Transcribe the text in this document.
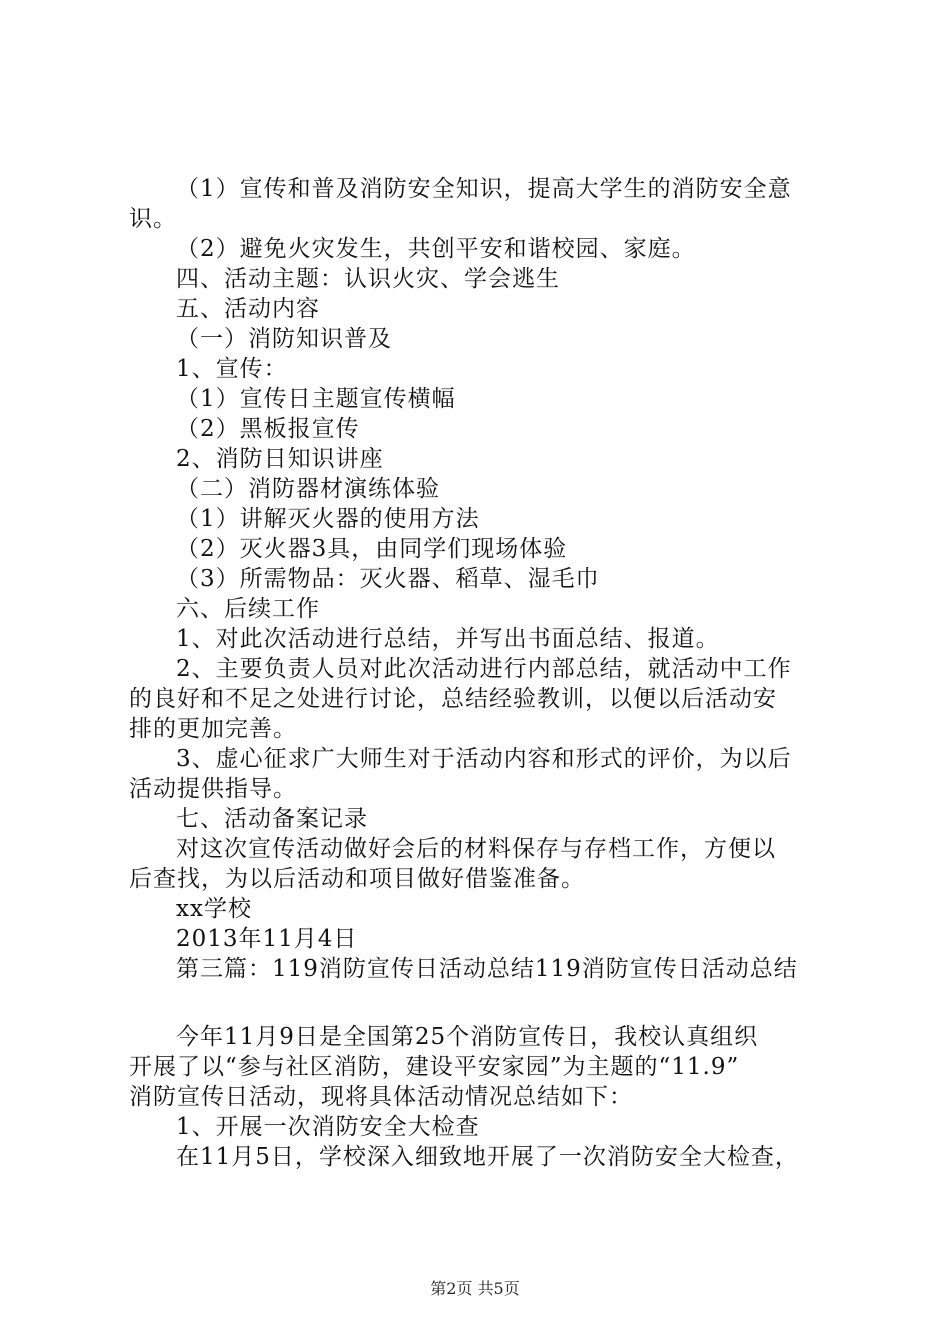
（1）宣传和普及消防安全知识，提高大学生的消防安全意
识。
（2）避免火灾发生，共创平安和谐校园、家庭。
四、活动主题：认识火灾、学会逃生
五、活动内容
（一）消防知识普及
1、宣传：
（1）宣传日主题宣传横幅
（2）黑板报宣传
2、消防日知识讲座
（二）消防器材演练体验
（1）讲解灭火器的使用方法
（2）灭火器3具，由同学们现场体验
（3）所需物品：灭火器、稻草、湿毛巾
六、后续工作
1、对此次活动进行总结，并写出书面总结、报道。
2、主要负责人员对此次活动进行内部总结，就活动中工作
的良好和不足之处进行讨论，总结经验教训，以便以后活动安
排的更加完善。
3、虚心征求广大师生对于活动内容和形式的评价，为以后
活动提供指导。
七、活动备案记录
对这次宣传活动做好会后的材料保存与存档工作，方便以
后查找，为以后活动和项目做好借鉴准备。
xx学校
2013年11月4日
第三篇：119消防宣传日活动总结119消防宣传日活动总结
今年11月9日是全国第25个消防宣传日，我校认真组织
开展了以“参与社区消防，建设平安家园”为主题的“11.9”
消防宣传日活动，现将具体活动情况总结如下：
1、开展一次消防安全大检查
在11月5日，学校深入细致地开展了一次消防安全大检查，
第2页 共5页
